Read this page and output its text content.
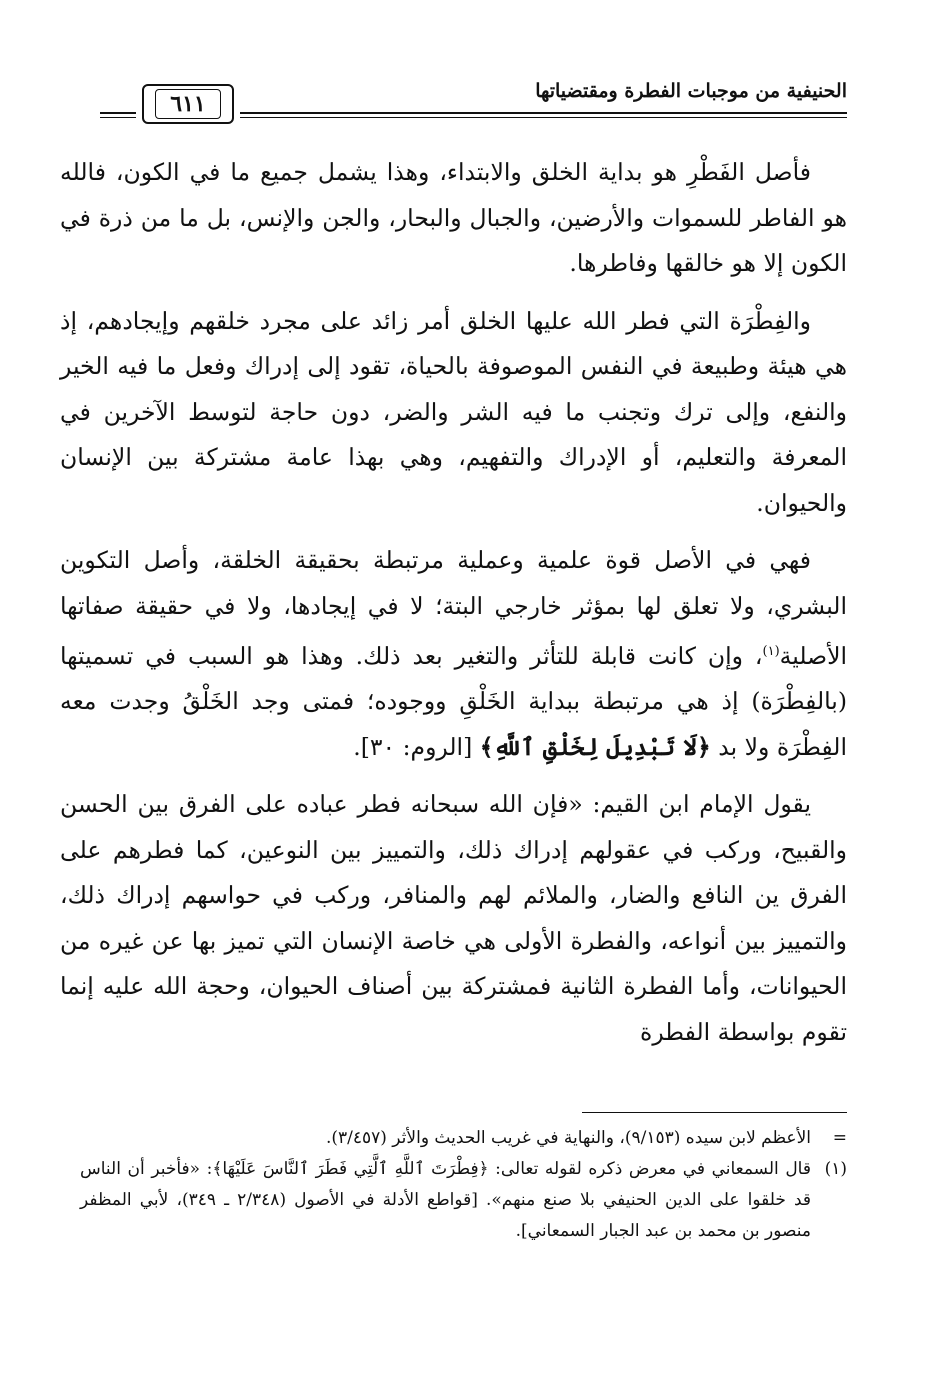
الحنيفية من موجبات الفطرة ومقتضياتها
٦١١

فأصل الفَطْرِ هو بداية الخلق والابتداء، وهذا يشمل جميع ما في الكون، فالله هو الفاطر للسموات والأرضين، والجبال والبحار، والجن والإنس، بل ما من ذرة في الكون إلا هو خالقها وفاطرها.

والفِطْرَة التي فطر الله عليها الخلق أمر زائد على مجرد خلقهم وإيجادهم، إذ هي هيئة وطبيعة في النفس الموصوفة بالحياة، تقود إلى إدراك وفعل ما فيه الخير والنفع، وإلى ترك وتجنب ما فيه الشر والضر، دون حاجة لتوسط الآخرين في المعرفة والتعليم، أو الإدراك والتفهيم، وهي بهذا عامة مشتركة بين الإنسان والحيوان.

فهي في الأصل قوة علمية وعملية مرتبطة بحقيقة الخلقة، وأصل التكوين البشري، ولا تعلق لها بمؤثر خارجي البتة؛ لا في إيجادها، ولا في حقيقة صفاتها الأصلية$^{(١)}$، وإن كانت قابلة للتأثر والتغير بعد ذلك. وهذا هو السبب في تسميتها (بالفِطْرَة) إذ هي مرتبطة ببداية الخَلْقِ ووجوده؛ فمتى وجد الخَلْقُ وجدت معه الفِطْرَة ولا بد ﴿لَا تَبْدِيلَ لِخَلْقِ ٱللَّهِ﴾ [الروم: ٣٠].

يقول الإمام ابن القيم: «فإن الله سبحانه فطر عباده على الفرق بين الحسن والقبيح، وركب في عقولهم إدراك ذلك، والتمييز بين النوعين، كما فطرهم على الفرق ين النافع والضار، والملائم لهم والمنافر، وركب في حواسهم إدراك ذلك، والتمييز بين أنواعه، والفطرة الأولى هي خاصة الإنسان التي تميز بها عن غيره من الحيوانات، وأما الفطرة الثانية فمشتركة بين أصناف الحيوان، وحجة الله عليه إنما تقوم بواسطة الفطرة

=
الأعظم لابن سيده (٩/١٥٣)، والنهاية في غريب الحديث والأثر (٣/٤٥٧).
(١)
قال السمعاني في معرض ذكره لقوله تعالى: ﴿فِطْرَتَ ٱللَّهِ ٱلَّتِي فَطَرَ ٱلنَّاسَ عَلَيْهَا﴾: «فأخبر أن الناس قد خلقوا على الدين الحنيفي بلا صنع منهم». [قواطع الأدلة في الأصول (٢/٣٤٨ ـ ٣٤٩)، لأبي المظفر منصور بن محمد بن عبد الجبار السمعاني].
